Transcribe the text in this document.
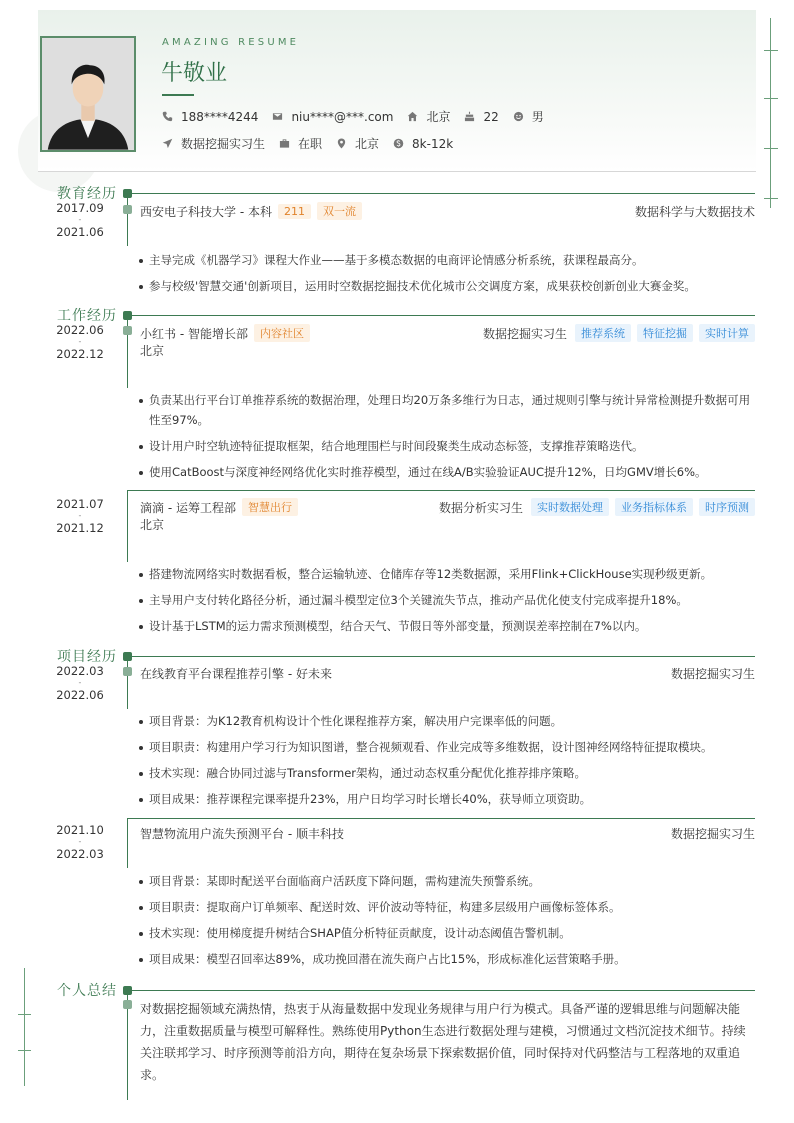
AMAZING RESUME
牛敬业
188****4244	niu****@***.com	北京	22	男
数据挖掘实习生	在职	北京	8k-12k
教育经历
2017.09
-
2021.06
西安电子科技大学 - 本科	211	双一流	数据科学与大数据技术
主导完成《机器学习》课程大作业——基于多模态数据的电商评论情感分析系统，获课程最高分。
参与校级'智慧交通'创新项目，运用时空数据挖掘技术优化城市公交调度方案，成果获校创新创业大赛金奖。
工作经历
2022.06
-
2022.12
小红书 - 智能增长部	内容社区	数据挖掘实习生	推荐系统	特征挖掘	实时计算
北京
负责某出行平台订单推荐系统的数据治理，处理日均20万条多维行为日志，通过规则引擎与统计异常检测提升数据可用性至97%。
设计用户时空轨迹特征提取框架，结合地理围栏与时间段聚类生成动态标签，支撑推荐策略迭代。
使用CatBoost与深度神经网络优化实时推荐模型，通过在线A/B实验验证AUC提升12%，日均GMV增长6%。
2021.07
-
2021.12
滴滴 - 运筹工程部	智慧出行	数据分析实习生	实时数据处理	业务指标体系	时序预测
北京
搭建物流网络实时数据看板，整合运输轨迹、仓储库存等12类数据源，采用Flink+ClickHouse实现秒级更新。
主导用户支付转化路径分析，通过漏斗模型定位3个关键流失节点，推动产品优化使支付完成率提升18%。
设计基于LSTM的运力需求预测模型，结合天气、节假日等外部变量，预测误差率控制在7%以内。
项目经历
2022.03
-
2022.06
在线教育平台课程推荐引擎 - 好未来	数据挖掘实习生
项目背景：为K12教育机构设计个性化课程推荐方案，解决用户完课率低的问题。
项目职责：构建用户学习行为知识图谱，整合视频观看、作业完成等多维数据，设计图神经网络特征提取模块。
技术实现：融合协同过滤与Transformer架构，通过动态权重分配优化推荐排序策略。
项目成果：推荐课程完课率提升23%，用户日均学习时长增长40%，获导师立项资助。
2021.10
-
2022.03
智慧物流用户流失预测平台 - 顺丰科技	数据挖掘实习生
项目背景：某即时配送平台面临商户活跃度下降问题，需构建流失预警系统。
项目职责：提取商户订单频率、配送时效、评价波动等特征，构建多层级用户画像标签体系。
技术实现：使用梯度提升树结合SHAP值分析特征贡献度，设计动态阈值告警机制。
项目成果：模型召回率达89%，成功挽回潜在流失商户占比15%，形成标准化运营策略手册。
个人总结
对数据挖掘领域充满热情，热衷于从海量数据中发现业务规律与用户行为模式。具备严谨的逻辑思维与问题解决能力，注重数据质量与模型可解释性。熟练使用Python生态进行数据处理与建模，习惯通过文档沉淀技术细节。持续关注联邦学习、时序预测等前沿方向，期待在复杂场景下探索数据价值，同时保持对代码整洁与工程落地的双重追求。
